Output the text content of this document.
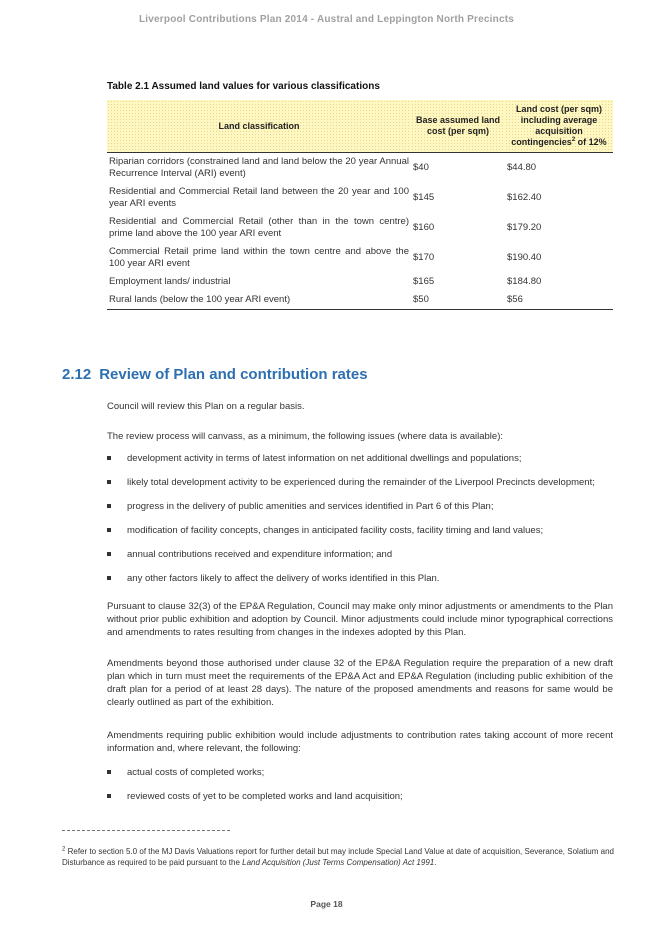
Liverpool Contributions Plan 2014 - Austral and Leppington North Precincts
Table 2.1 Assumed land values for various classifications
Land classification	Base assumed land cost (per sqm)	Land cost (per sqm) including average acquisition contingencies$^2$ of 12%
Riparian corridors (constrained land and land below the 20 year Annual Recurrence Interval (ARI) event)	$40	$44.80
Residential and Commercial Retail land between the 20 year and 100 year ARI events	$145	$162.40
Residential and Commercial Retail (other than in the town centre) prime land above the 100 year ARI event	$160	$179.20
Commercial Retail prime land within the town centre and above the 100 year ARI event	$170	$190.40
Employment lands/ industrial	$165	$184.80
Rural lands (below the 100 year ARI event)	$50	$56
2.12 Review of Plan and contribution rates
Council will review this Plan on a regular basis.
The review process will canvass, as a minimum, the following issues (where data is available):
development activity in terms of latest information on net additional dwellings and populations;
likely total development activity to be experienced during the remainder of the Liverpool Precincts development;
progress in the delivery of public amenities and services identified in Part 6 of this Plan;
modification of facility concepts, changes in anticipated facility costs, facility timing and land values;
annual contributions received and expenditure information; and
any other factors likely to affect the delivery of works identified in this Plan.
Pursuant to clause 32(3) of the EP&A Regulation, Council may make only minor adjustments or amendments to the Plan without prior public exhibition and adoption by Council. Minor adjustments could include minor typographical corrections and amendments to rates resulting from changes in the indexes adopted by this Plan.
Amendments beyond those authorised under clause 32 of the EP&A Regulation require the preparation of a new draft plan which in turn must meet the requirements of the EP&A Act and EP&A Regulation (including public exhibition of the draft plan for a period of at least 28 days). The nature of the proposed amendments and reasons for same would be clearly outlined as part of the exhibition.
Amendments requiring public exhibition would include adjustments to contribution rates taking account of more recent information and, where relevant, the following:
actual costs of completed works;
reviewed costs of yet to be completed works and land acquisition;
$^2$ Refer to section 5.0 of the MJ Davis Valuations report for further detail but may include Special Land Value at date of acquisition, Severance, Solatium and Disturbance as required to be paid pursuant to the Land Acquisition (Just Terms Compensation) Act 1991.
Page 18
